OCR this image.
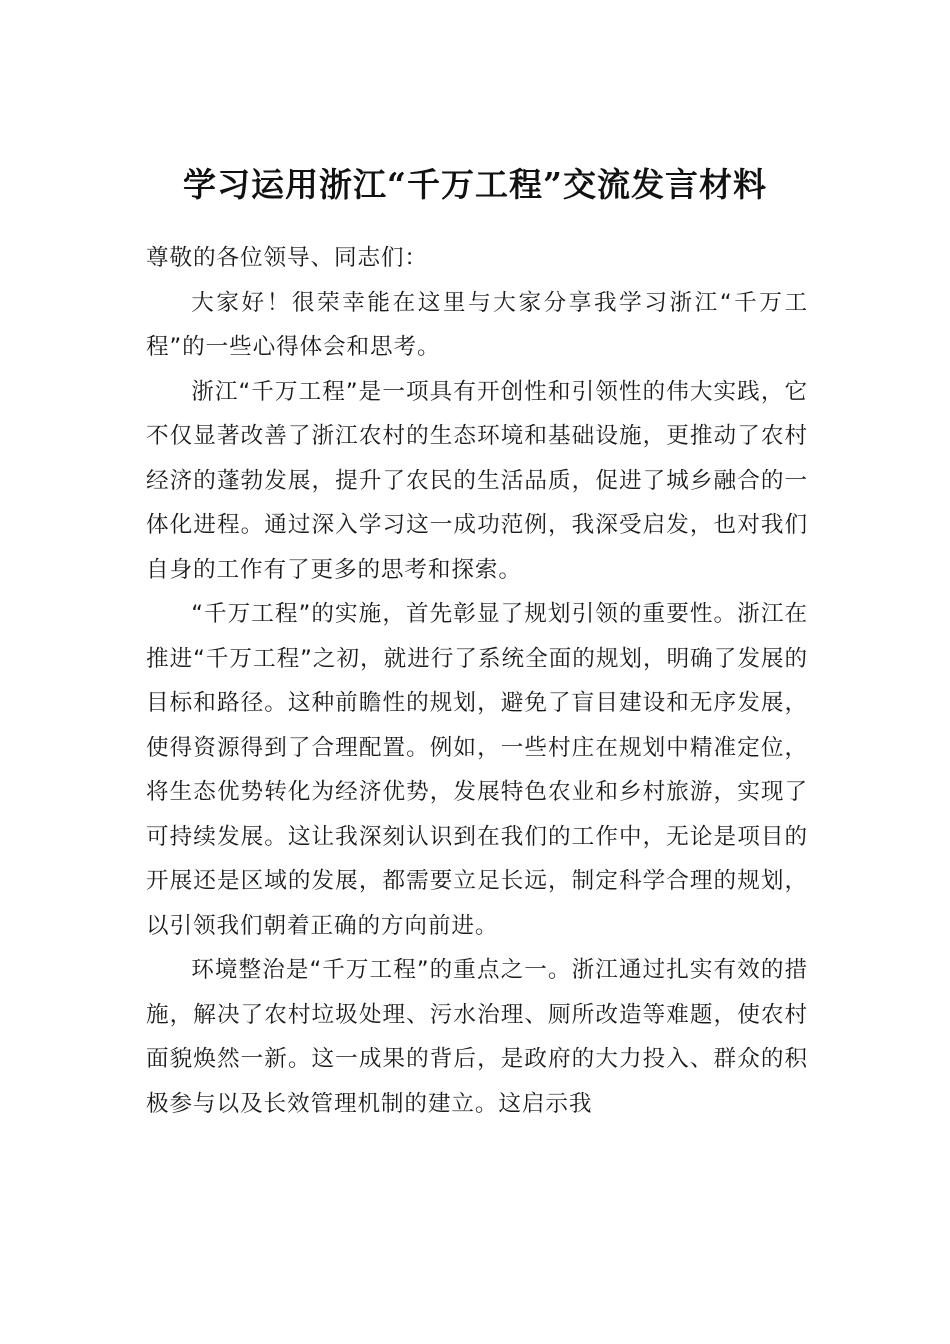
学习运用浙江“千万工程”交流发言材料

尊敬的各位领导、同志们：

大家好！很荣幸能在这里与大家分享我学习浙江“千万工程”的一些心得体会和思考。

浙江“千万工程”是一项具有开创性和引领性的伟大实践，它不仅显著改善了浙江农村的生态环境和基础设施，更推动了农村经济的蓬勃发展，提升了农民的生活品质，促进了城乡融合的一体化进程。通过深入学习这一成功范例，我深受启发，也对我们自身的工作有了更多的思考和探索。

“千万工程”的实施，首先彰显了规划引领的重要性。浙江在推进“千万工程”之初，就进行了系统全面的规划，明确了发展的目标和路径。这种前瞻性的规划，避免了盲目建设和无序发展，使得资源得到了合理配置。例如，一些村庄在规划中精准定位，将生态优势转化为经济优势，发展特色农业和乡村旅游，实现了可持续发展。这让我深刻认识到在我们的工作中，无论是项目的开展还是区域的发展，都需要立足长远，制定科学合理的规划，以引领我们朝着正确的方向前进。

环境整治是“千万工程”的重点之一。浙江通过扎实有效的措施，解决了农村垃圾处理、污水治理、厕所改造等难题，使农村面貌焕然一新。这一成果的背后，是政府的大力投入、群众的积极参与以及长效管理机制的建立。这启示我
